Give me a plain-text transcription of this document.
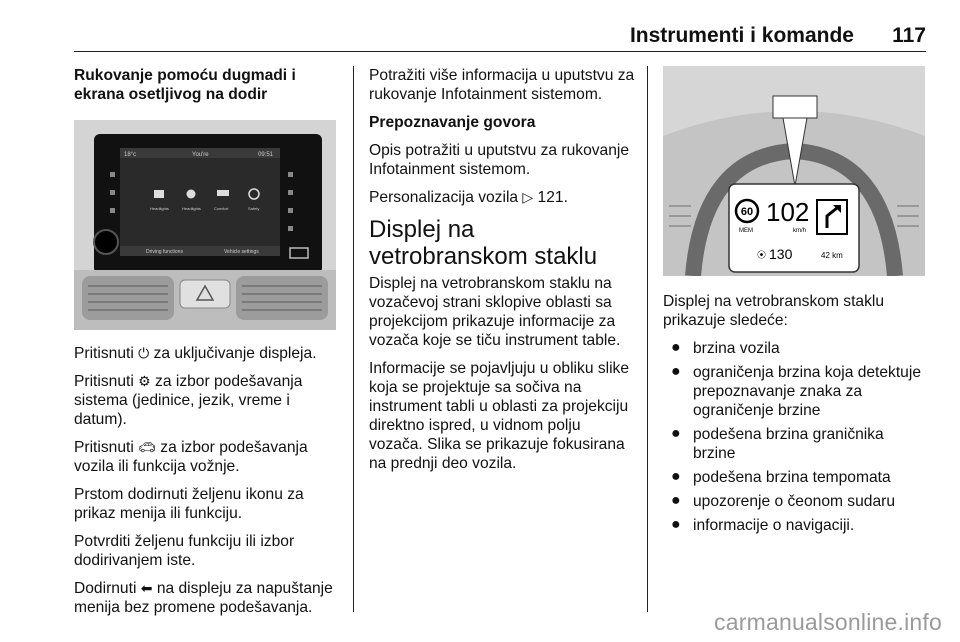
Instrumenti i komande 117

Rukovanje pomoću dugmadi i ekrana osetljivog na dodir

18°c	You're	09:51
Headlights	Headlights	Comfort	Safety
Driving functions	Vehicle settings

Pritisnuti ⏻ za uključivanje displeja.

Pritisnuti ⚙ za izbor podešavanja sistema (jedinice, jezik, vreme i datum).

Pritisnuti 🚗︎ za izbor podešavanja vozila ili funkcija vožnje.

Prstom dodirnuti željenu ikonu za prikaz menija ili funkciju.

Potvrditi željenu funkciju ili izbor dodirivanjem iste.

Dodirnuti ⬅ na displeju za napuštanje menija bez promene podešavanja.

Potražiti više informacija u uputstvu za rukovanje Infotainment sistemom.

Prepoznavanje govora

Opis potražiti u uputstvu za rukovanje Infotainment sistemom.

Personalizacija vozila ▷ 121.

Displej na vetrobranskom staklu

Displej na vetrobranskom staklu na vozačevoj strani sklopive oblasti sa projekcijom prikazuje informacije za vozača koje se tiču instrument table.

Informacije se pojavljuju u obliku slike koja se projektuje sa sočiva na instrument tabli u oblasti za projekciju direktno ispred, u vidnom polju vozača. Slika se prikazuje fokusirana na prednji deo vozila.

60
MEM
102
km/h
⦿ 130	42 km

Displej na vetrobranskom staklu prikazuje sledeće:

● brzina vozila
● ograničenja brzina koja detektuje prepoznavanje znaka za ograničenje brzine
● podešena brzina graničnika brzine
● podešena brzina tempomata
● upozorenje o čeonom sudaru
● informacije o navigaciji.
carmanualsonline.info
